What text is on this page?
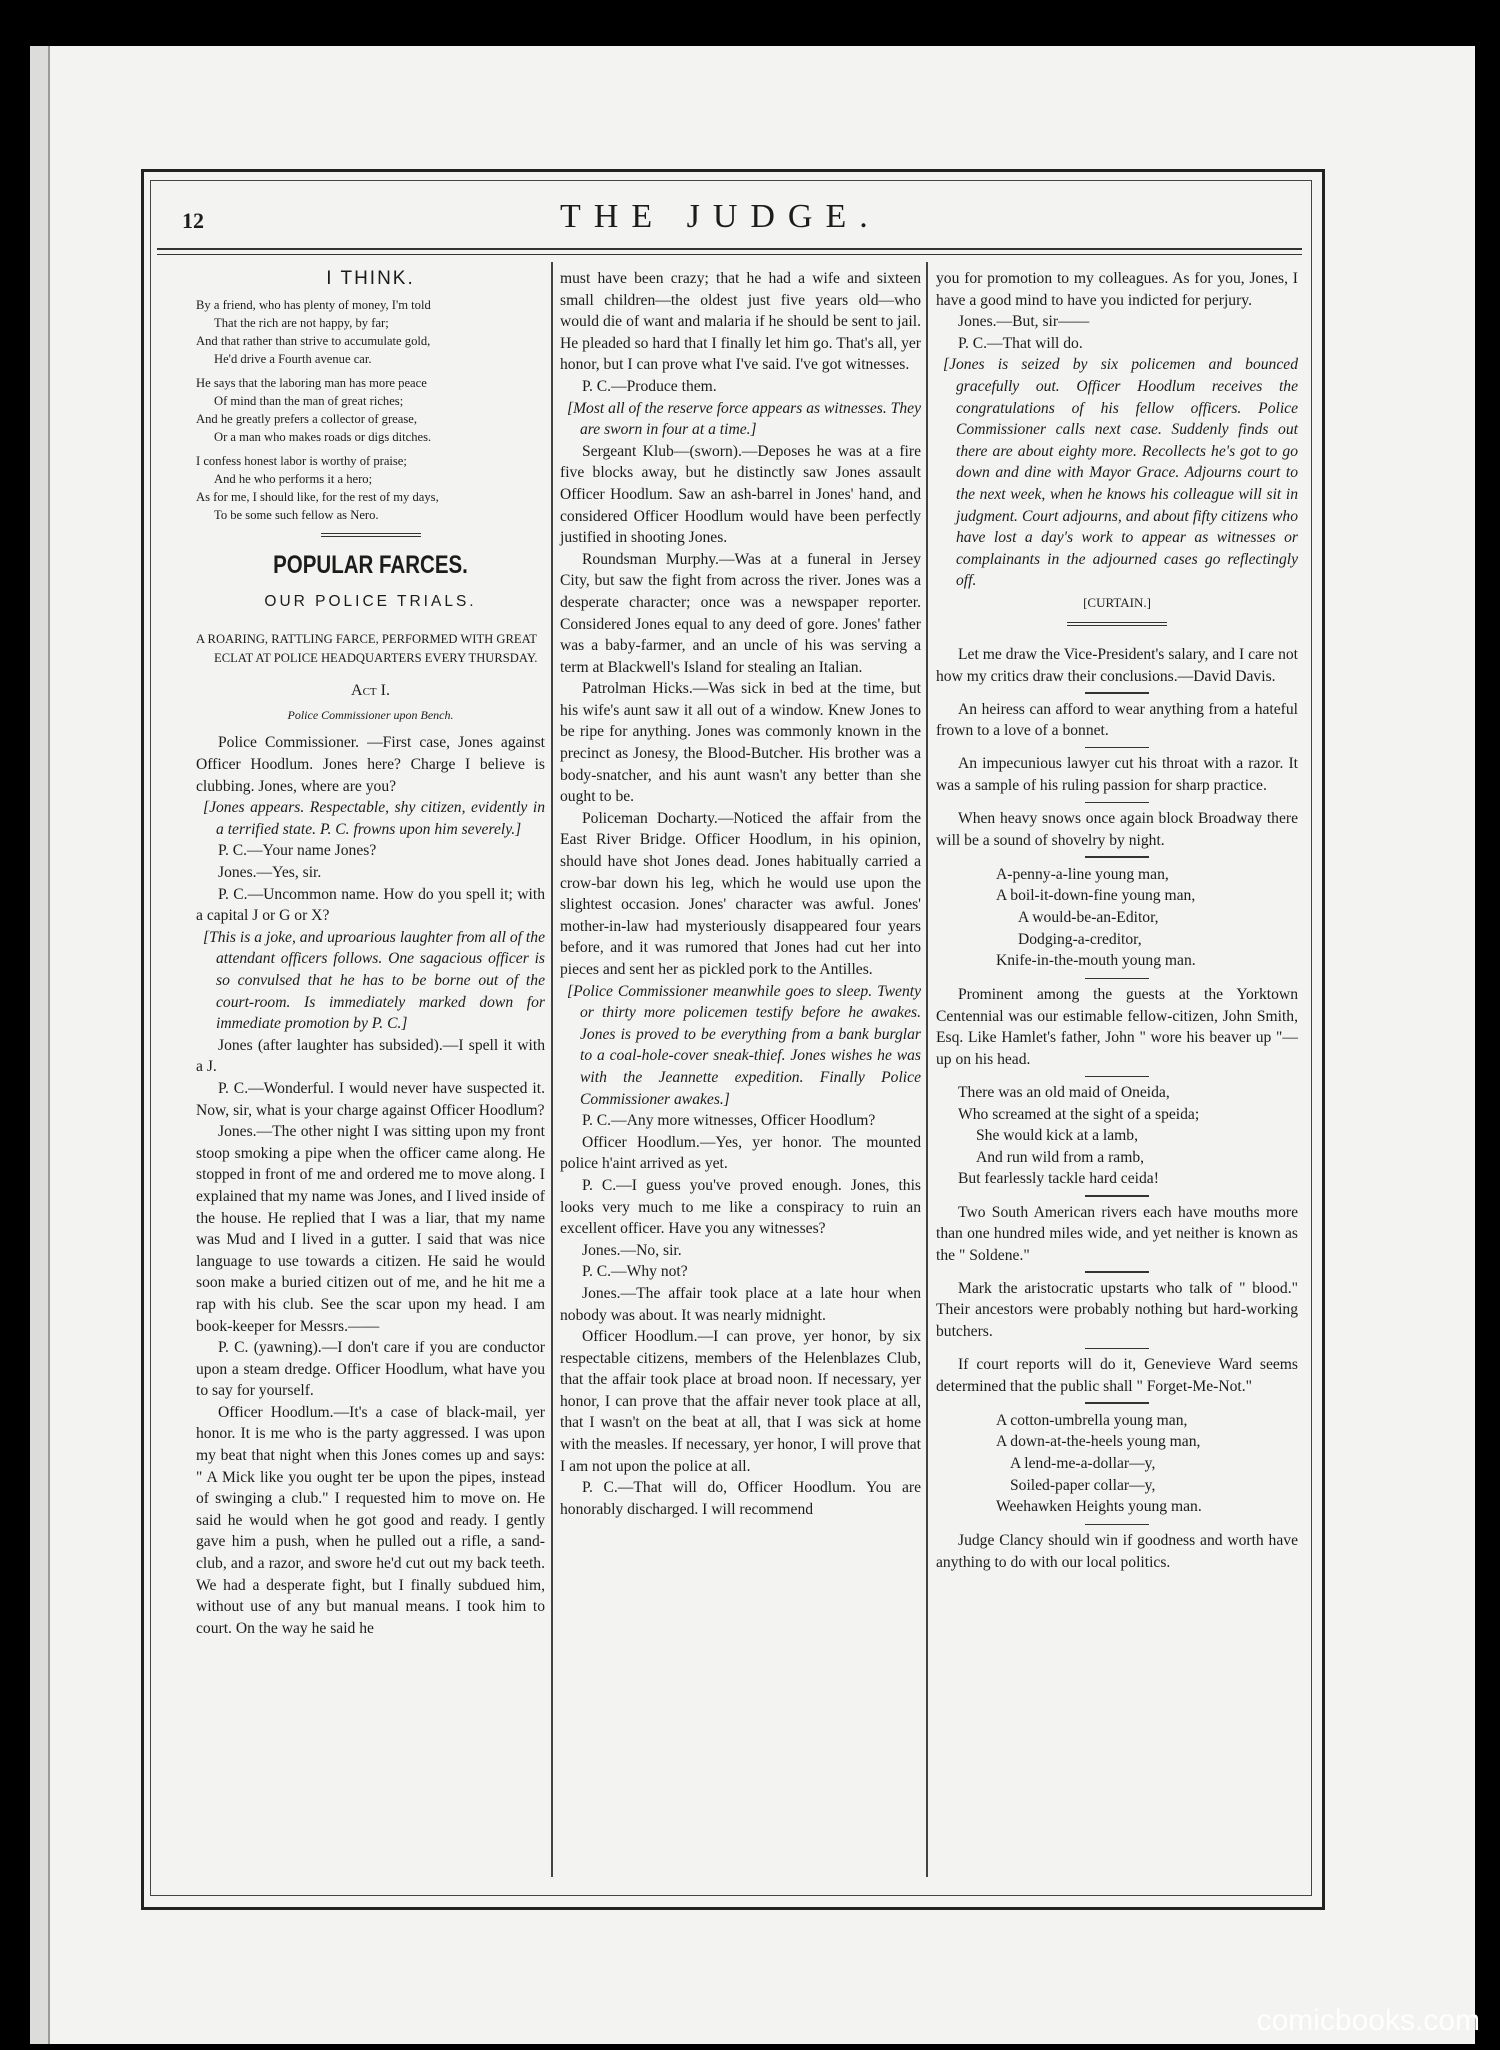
12	THE JUDGE.
I THINK.

By a friend, who has plenty of money, I'm told

That the rich are not happy, by far;

And that rather than strive to accumulate gold,

He'd drive a Fourth avenue car.

He says that the laboring man has more peace

Of mind than the man of great riches;

And he greatly prefers a collector of grease,

Or a man who makes roads or digs ditches.

I confess honest labor is worthy of praise;

And he who performs it a hero;

As for me, I should like, for the rest of my days,

To be some such fellow as Nero.

POPULAR FARCES.
OUR POLICE TRIALS.
A ROARING, RATTLING FARCE, PERFORMED WITH GREAT ECLAT AT POLICE HEADQUARTERS EVERY THURSDAY.
Act I.
Police Commissioner upon Bench.

Police Commissioner. —First case, Jones against Officer Hoodlum. Jones here? Charge I believe is clubbing. Jones, where are you?

[Jones appears. Respectable, shy citizen, evidently in a terrified state. P. C. frowns upon him severely.]

P. C.—Your name Jones?

Jones.—Yes, sir.

P. C.—Uncommon name. How do you spell it; with a capital J or G or X?

[This is a joke, and uproarious laughter from all of the attendant officers follows. One sagacious officer is so convulsed that he has to be borne out of the court-room. Is immediately marked down for immediate promotion by P. C.]

Jones (after laughter has subsided).—I spell it with a J.

P. C.—Wonderful. I would never have suspected it. Now, sir, what is your charge against Officer Hoodlum?

Jones.—The other night I was sitting upon my front stoop smoking a pipe when the officer came along. He stopped in front of me and ordered me to move along. I explained that my name was Jones, and I lived inside of the house. He replied that I was a liar, that my name was Mud and I lived in a gutter. I said that was nice language to use towards a citizen. He said he would soon make a buried citizen out of me, and he hit me a rap with his club. See the scar upon my head. I am book-keeper for Messrs.——

P. C. (yawning).—I don't care if you are conductor upon a steam dredge. Officer Hoodlum, what have you to say for yourself.

Officer Hoodlum.—It's a case of black-mail, yer honor. It is me who is the party aggressed. I was upon my beat that night when this Jones comes up and says: " A Mick like you ought ter be upon the pipes, instead of swinging a club." I requested him to move on. He said he would when he got good and ready. I gently gave him a push, when he pulled out a rifle, a sand-club, and a razor, and swore he'd cut out my back teeth. We had a desperate fight, but I finally subdued him, without use of any but manual means. I took him to court. On the way he said he

must have been crazy; that he had a wife and sixteen small children—the oldest just five years old—who would die of want and malaria if he should be sent to jail. He pleaded so hard that I finally let him go. That's all, yer honor, but I can prove what I've said. I've got witnesses.

P. C.—Produce them.

[Most all of the reserve force appears as witnesses. They are sworn in four at a time.]

Sergeant Klub—(sworn).—Deposes he was at a fire five blocks away, but he distinctly saw Jones assault Officer Hoodlum. Saw an ash-barrel in Jones' hand, and considered Officer Hoodlum would have been perfectly justified in shooting Jones.

Roundsman Murphy.—Was at a funeral in Jersey City, but saw the fight from across the river. Jones was a desperate character; once was a newspaper reporter. Considered Jones equal to any deed of gore. Jones' father was a baby-farmer, and an uncle of his was serving a term at Blackwell's Island for stealing an Italian.

Patrolman Hicks.—Was sick in bed at the time, but his wife's aunt saw it all out of a window. Knew Jones to be ripe for anything. Jones was commonly known in the precinct as Jonesy, the Blood-Butcher. His brother was a body-snatcher, and his aunt wasn't any better than she ought to be.

Policeman Docharty.—Noticed the affair from the East River Bridge. Officer Hoodlum, in his opinion, should have shot Jones dead. Jones habitually carried a crow-bar down his leg, which he would use upon the slightest occasion. Jones' character was awful. Jones' mother-in-law had mysteriously disappeared four years before, and it was rumored that Jones had cut her into pieces and sent her as pickled pork to the Antilles.

[Police Commissioner meanwhile goes to sleep. Twenty or thirty more policemen testify before he awakes. Jones is proved to be everything from a bank burglar to a coal-hole-cover sneak-thief. Jones wishes he was with the Jeannette expedition. Finally Police Commissioner awakes.]

P. C.—Any more witnesses, Officer Hoodlum?

Officer Hoodlum.—Yes, yer honor. The mounted police h'aint arrived as yet.

P. C.—I guess you've proved enough. Jones, this looks very much to me like a conspiracy to ruin an excellent officer. Have you any witnesses?

Jones.—No, sir.

P. C.—Why not?

Jones.—The affair took place at a late hour when nobody was about. It was nearly midnight.

Officer Hoodlum.—I can prove, yer honor, by six respectable citizens, members of the Helenblazes Club, that the affair took place at broad noon. If necessary, yer honor, I can prove that the affair never took place at all, that I wasn't on the beat at all, that I was sick at home with the measles. If necessary, yer honor, I will prove that I am not upon the police at all.

P. C.—That will do, Officer Hoodlum. You are honorably discharged. I will recommend

you for promotion to my colleagues. As for you, Jones, I have a good mind to have you indicted for perjury.

Jones.—But, sir——

P. C.—That will do.

[Jones is seized by six policemen and bounced gracefully out. Officer Hoodlum receives the congratulations of his fellow officers. Police Commissioner calls next case. Suddenly finds out there are about eighty more. Recollects he's got to go down and dine with Mayor Grace. Adjourns court to the next week, when he knows his colleague will sit in judgment. Court adjourns, and about fifty citizens who have lost a day's work to appear as witnesses or complainants in the adjourned cases go reflectingly off.

[CURTAIN.]

Let me draw the Vice-President's salary, and I care not how my critics draw their conclusions.—David Davis.

An heiress can afford to wear anything from a hateful frown to a love of a bonnet.

An impecunious lawyer cut his throat with a razor. It was a sample of his ruling passion for sharp practice.

When heavy snows once again block Broadway there will be a sound of shovelry by night.

A-penny-a-line young man,

A boil-it-down-fine young man,

A would-be-an-Editor,

Dodging-a-creditor,

Knife-in-the-mouth young man.

Prominent among the guests at the Yorktown Centennial was our estimable fellow-citizen, John Smith, Esq. Like Hamlet's father, John " wore his beaver up "—up on his head.

There was an old maid of Oneida,

Who screamed at the sight of a speida;

She would kick at a lamb,

And run wild from a ramb,

But fearlessly tackle hard ceida!

Two South American rivers each have mouths more than one hundred miles wide, and yet neither is known as the " Soldene."

Mark the aristocratic upstarts who talk of " blood." Their ancestors were probably nothing but hard-working butchers.

If court reports will do it, Genevieve Ward seems determined that the public shall " Forget-Me-Not."

A cotton-umbrella young man,

A down-at-the-heels young man,

A lend-me-a-dollar—y,

Soiled-paper collar—y,

Weehawken Heights young man.

Judge Clancy should win if goodness and worth have anything to do with our local politics.

comicbooks.com
